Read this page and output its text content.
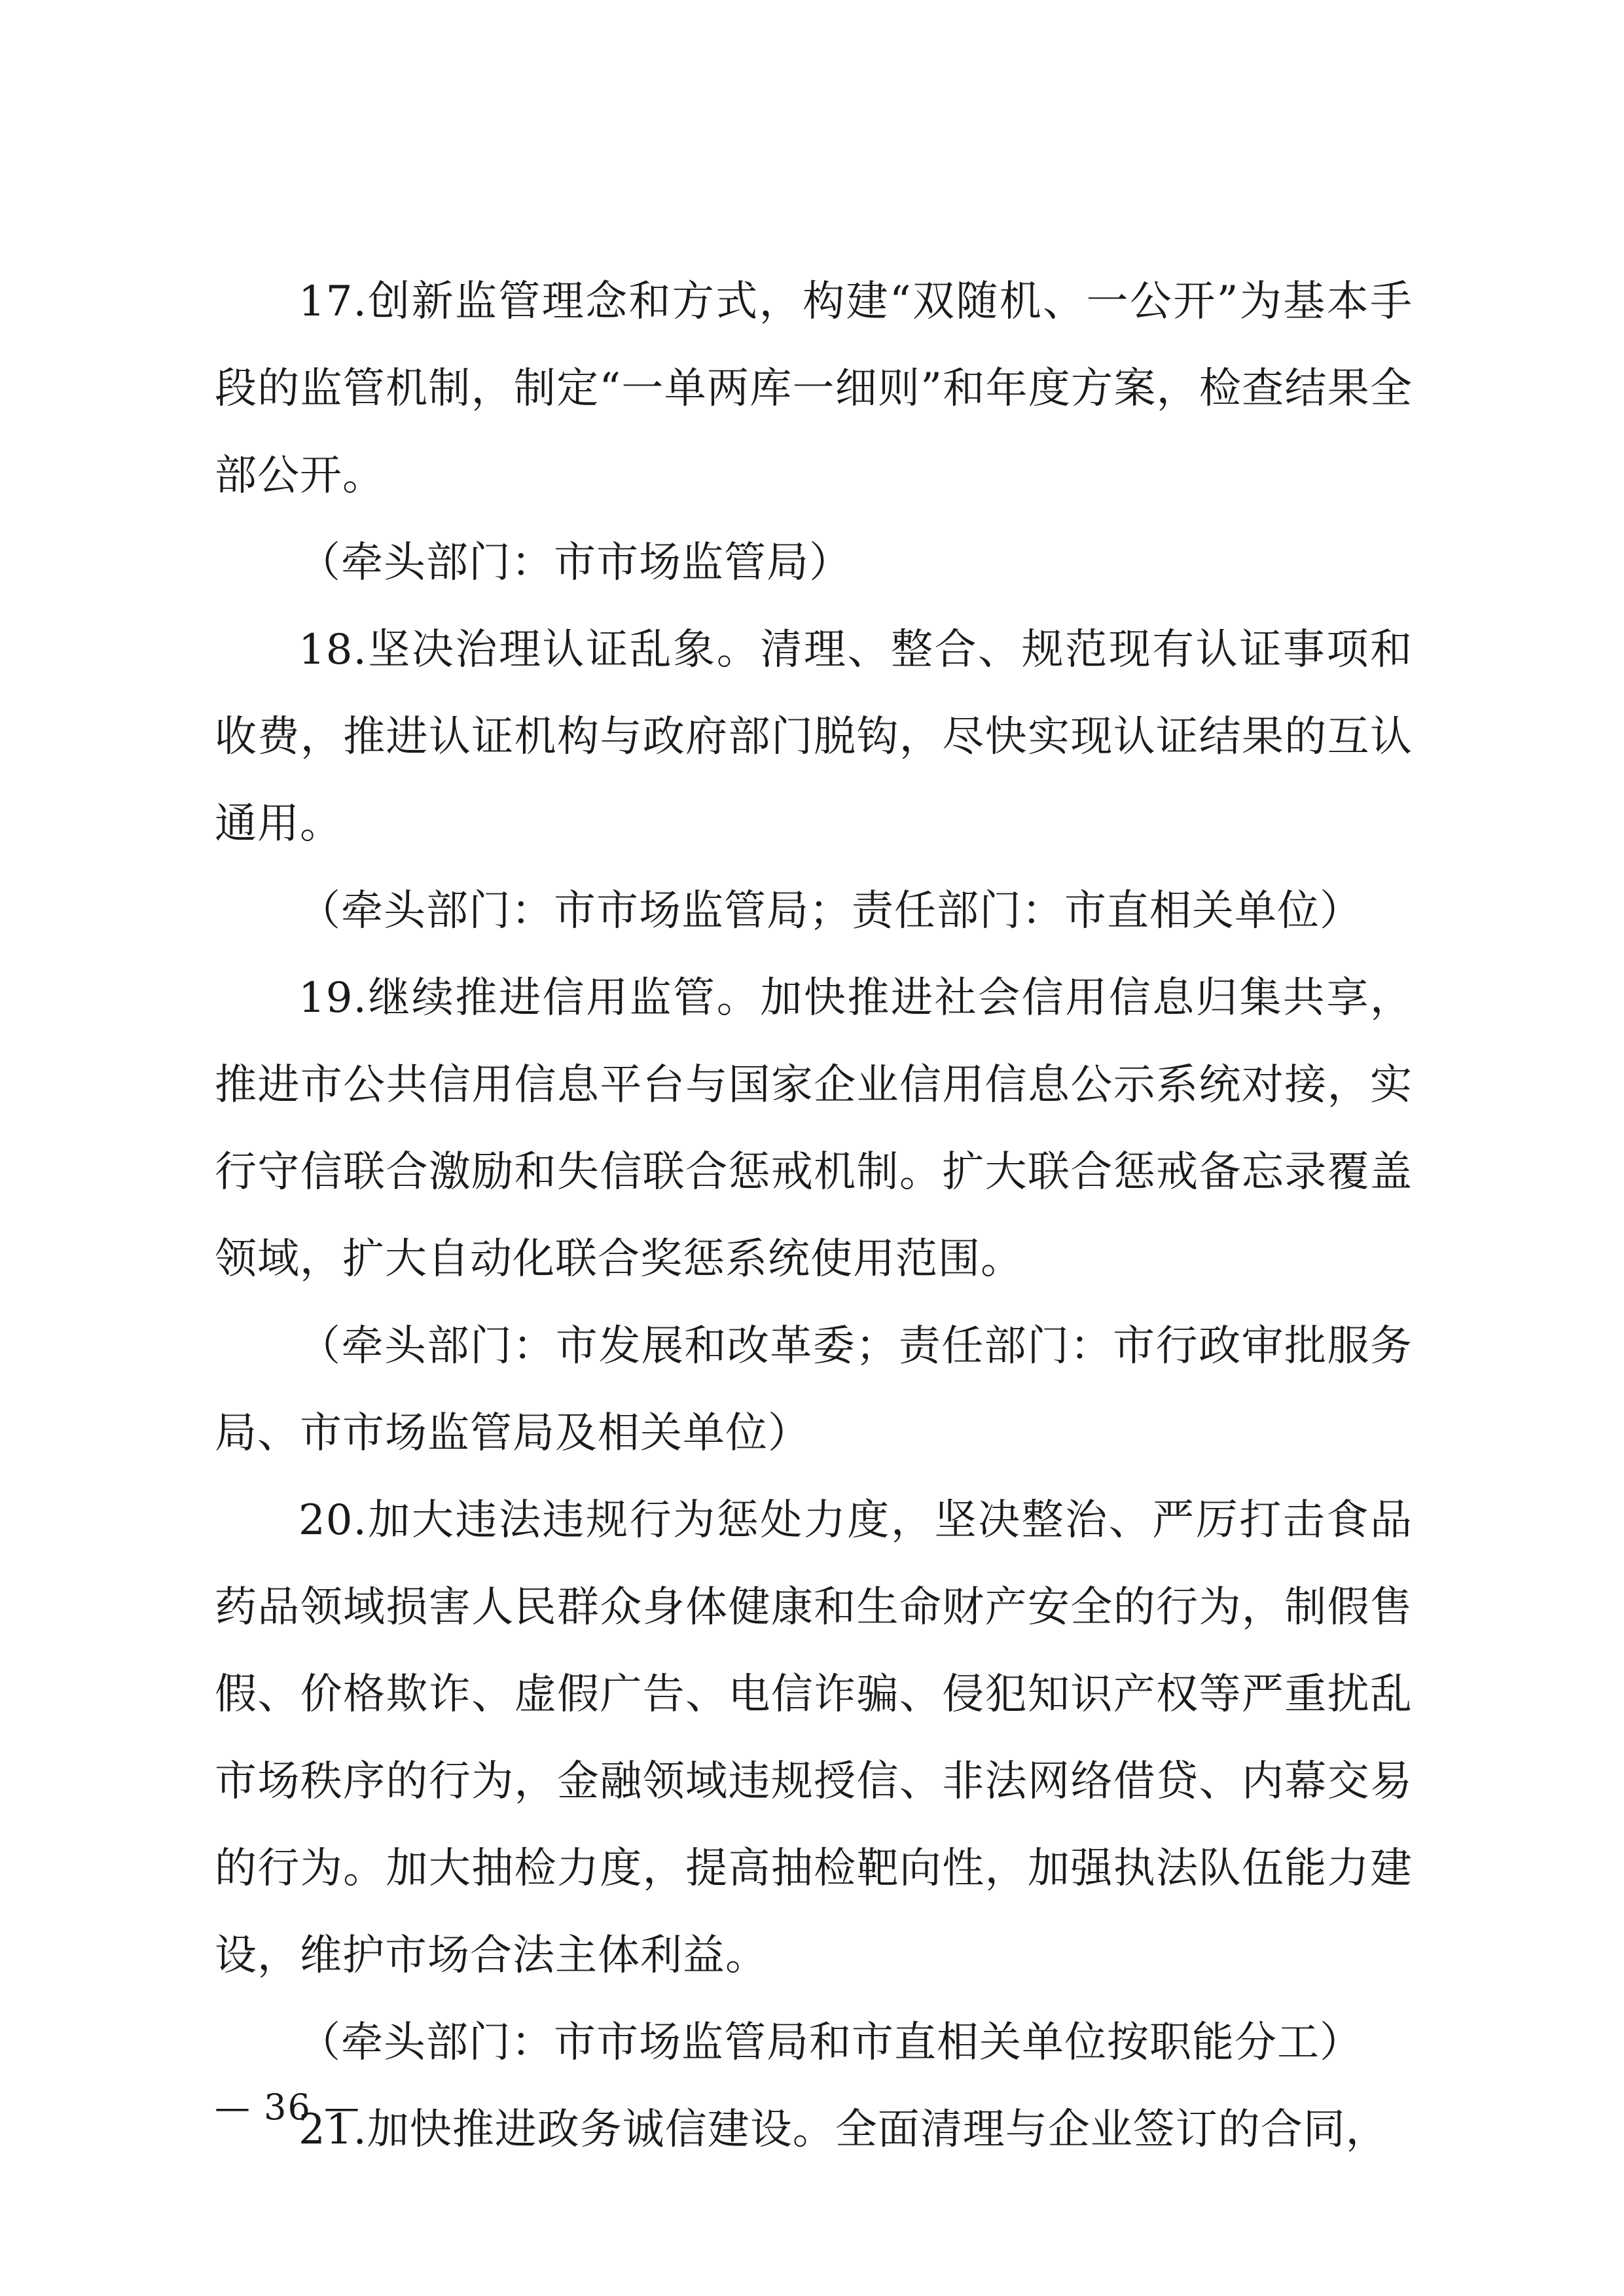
17.创新监管理念和方式，构建“双随机、一公开”为基本手段的监管机制，制定“一单两库一细则”和年度方案，检查结果全部公开。

（牵头部门：市市场监管局）

18.坚决治理认证乱象。清理、整合、规范现有认证事项和收费，推进认证机构与政府部门脱钩，尽快实现认证结果的互认通用。

（牵头部门：市市场监管局；责任部门：市直相关单位）

19.继续推进信用监管。加快推进社会信用信息归集共享，推进市公共信用信息平台与国家企业信用信息公示系统对接，实行守信联合激励和失信联合惩戒机制。扩大联合惩戒备忘录覆盖领域，扩大自动化联合奖惩系统使用范围。

（牵头部门：市发展和改革委；责任部门：市行政审批服务局、市市场监管局及相关单位）

20.加大违法违规行为惩处力度，坚决整治、严厉打击食品药品领域损害人民群众身体健康和生命财产安全的行为，制假售假、价格欺诈、虚假广告、电信诈骗、侵犯知识产权等严重扰乱市场秩序的行为，金融领域违规授信、非法网络借贷、内幕交易的行为。加大抽检力度，提高抽检靶向性，加强执法队伍能力建设，维护市场合法主体利益。

（牵头部门：市市场监管局和市直相关单位按职能分工）

21.加快推进政务诚信建设。全面清理与企业签订的合同，

— 36 —
